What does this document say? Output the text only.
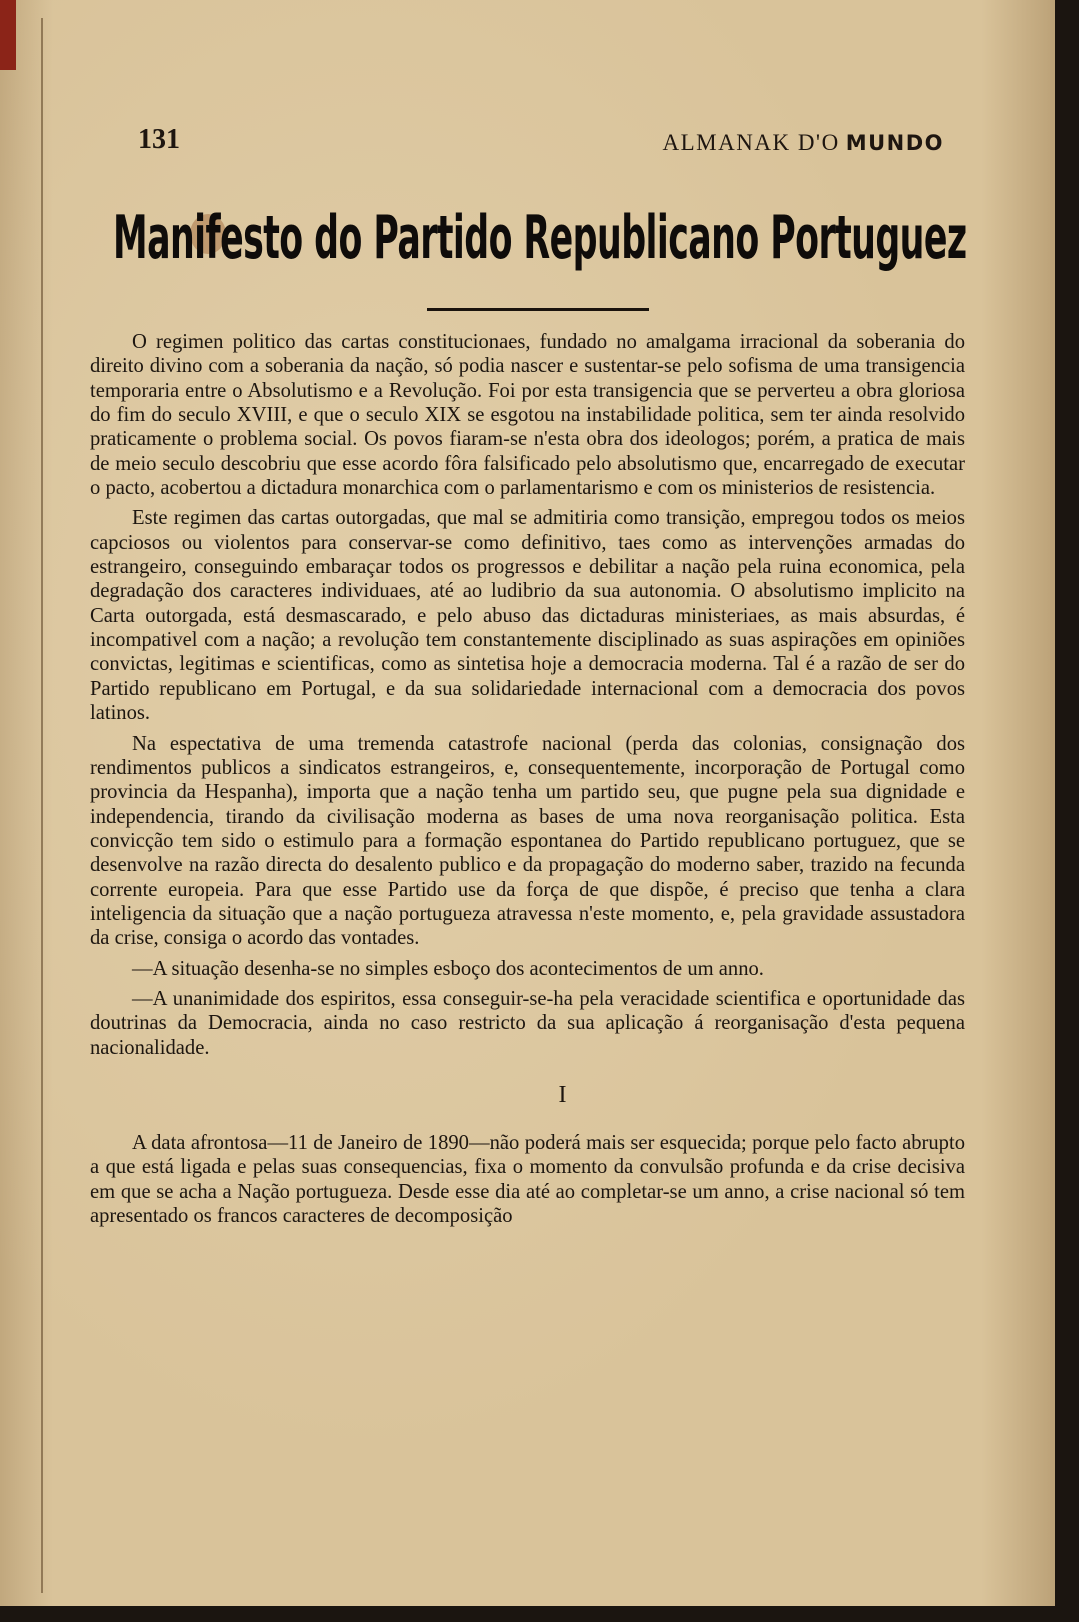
131	ALMANAK D'O MUNDO
Manifesto do Partido Republicano Portuguez

O regimen politico das cartas constitucionaes, fundado no amalgama irracional da soberania do direito divino com a soberania da nação, só podia nascer e sustentar-se pelo sofisma de uma transigencia temporaria entre o Absolutismo e a Revolução. Foi por esta transigencia que se perverteu a obra gloriosa do fim do seculo XVIII, e que o seculo XIX se esgotou na instabilidade politica, sem ter ainda resolvido praticamente o problema social. Os povos fiaram-se n'esta obra dos ideologos; porém, a pratica de mais de meio seculo descobriu que esse acordo fôra falsificado pelo absolutismo que, encarregado de executar o pacto, acobertou a dictadura monarchica com o parlamentarismo e com os ministerios de resistencia.

Este regimen das cartas outorgadas, que mal se admitiria como transição, empregou todos os meios capciosos ou violentos para conservar-se como definitivo, taes como as intervenções armadas do estrangeiro, conseguindo embaraçar todos os progressos e debilitar a nação pela ruina economica, pela degradação dos caracteres individuaes, até ao ludibrio da sua autonomia. O absolutismo implicito na Carta outorgada, está desmascarado, e pelo abuso das dictaduras ministeriaes, as mais absurdas, é incompativel com a nação; a revolução tem constantemente disciplinado as suas aspirações em opiniões convictas, legitimas e scientificas, como as sintetisa hoje a democracia moderna. Tal é a razão de ser do Partido republicano em Portugal, e da sua solidariedade internacional com a democracia dos povos latinos.

Na espectativa de uma tremenda catastrofe nacional (perda das colonias, consignação dos rendimentos publicos a sindicatos estrangeiros, e, consequentemente, incorporação de Portugal como provincia da Hespanha), importa que a nação tenha um partido seu, que pugne pela sua dignidade e independencia, tirando da civilisação moderna as bases de uma nova reorganisação politica. Esta convicção tem sido o estimulo para a formação espontanea do Partido republicano portuguez, que se desenvolve na razão directa do desalento publico e da propagação do moderno saber, trazido na fecunda corrente europeia. Para que esse Partido use da força de que dispõe, é preciso que tenha a clara inteligencia da situação que a nação portugueza atravessa n'este momento, e, pela gravidade assustadora da crise, consiga o acordo das vontades.

—A situação desenha-se no simples esboço dos acontecimentos de um anno.

—A unanimidade dos espiritos, essa conseguir-se-ha pela veracidade scientifica e oportunidade das doutrinas da Democracia, ainda no caso restricto da sua aplicação á reorganisação d'esta pequena nacionalidade.

I

A data afrontosa—11 de Janeiro de 1890—não poderá mais ser esquecida; porque pelo facto abrupto a que está ligada e pelas suas consequencias, fixa o momento da convulsão profunda e da crise decisiva em que se acha a Nação portugueza. Desde esse dia até ao completar-se um anno, a crise nacional só tem apresentado os francos caracteres de decomposição
